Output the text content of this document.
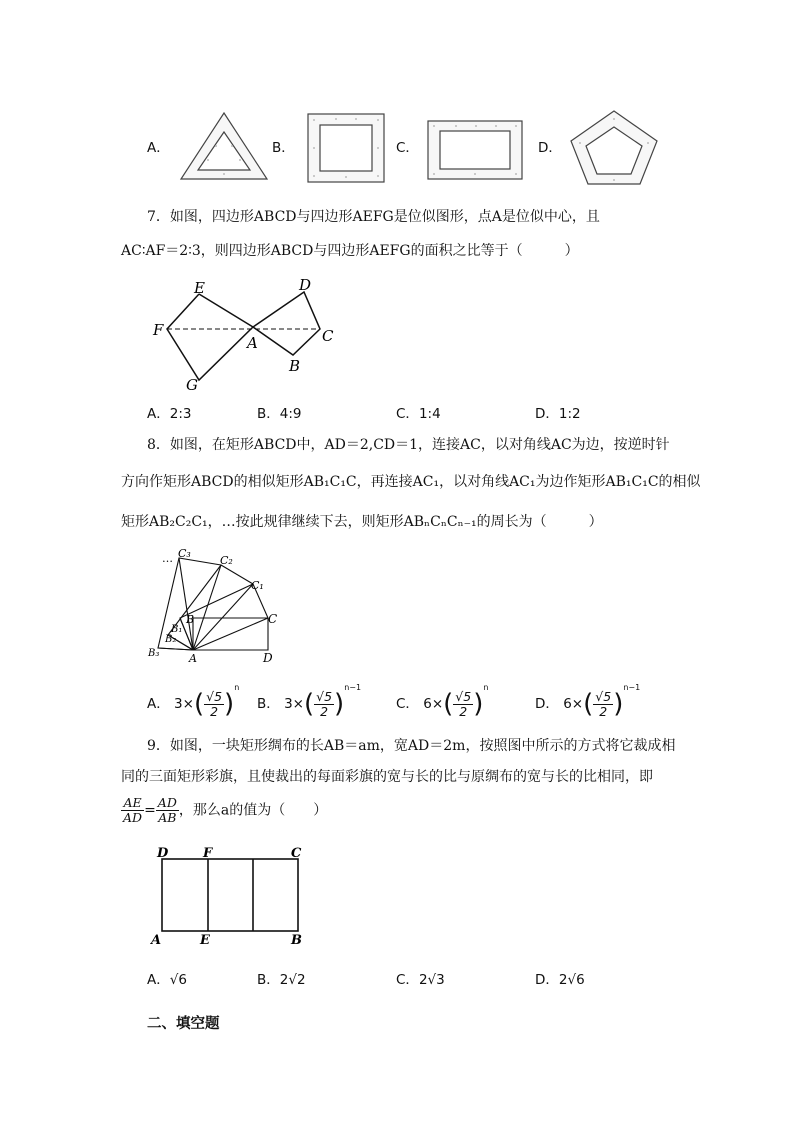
A．	B．	C．	D．
7．如图，四边形ABCD与四边形AEFG是位似图形，点A是位似中心，且
AC∶AF＝2∶3，则四边形ABCD与四边形AEFG的面积之比等于（　　　）
E	D
F	C
A
B
G
A．2:3	B．4:9	C．1:4	D．1:2
8．如图，在矩形ABCD中，AD＝2,CD＝1，连接AC，以对角线AC为边，按逆时针
方向作矩形ABCD的相似矩形AB₁C₁C，再连接AC₁，以对角线AC₁为边作矩形AB₁C₁C的相似
矩形AB₂C₂C₁，…按此规律继续下去，则矩形ABₙCₙCₙ₋₁的周长为（　　　）
… C₃
C₂
C₁
C
B
B₁
B₂
B₃	A	D
A． $3\times( \frac{√5}{2} )^n$
B． $3\times( \frac{√5}{2} )^{n-1}$
C． $6\times( \frac{√5}{2} )^n$
D． $6\times( \frac{√5}{2} )^{n-1}$
9．如图，一块矩形绸布的长AB＝am，宽AD＝2m，按照图中所示的方式将它裁成相
同的三面矩形彩旗，且使裁出的每面彩旗的宽与长的比与原绸布的宽与长的比相同，即
$\frac{AE}{AD} = \frac{AD}{AB}$ ，那么a的值为（　　）
D	F	C
A	E	B
A．√6	B．2√2	C．2√3	D．2√6
二、填空题
